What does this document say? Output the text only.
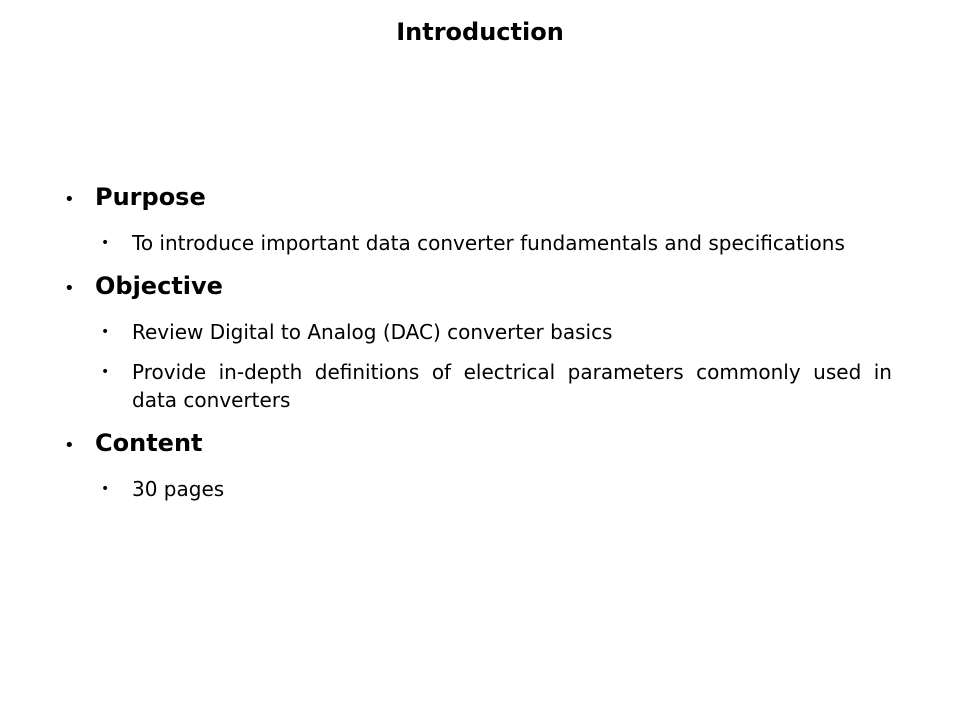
Introduction
• Purpose
•	To introduce important data converter fundamentals and specifications
• Objective
•	Review Digital to Analog (DAC) converter basics
•	Provide in-depth definitions of electrical parameters commonly used in data converters
• Content
•	30 pages
